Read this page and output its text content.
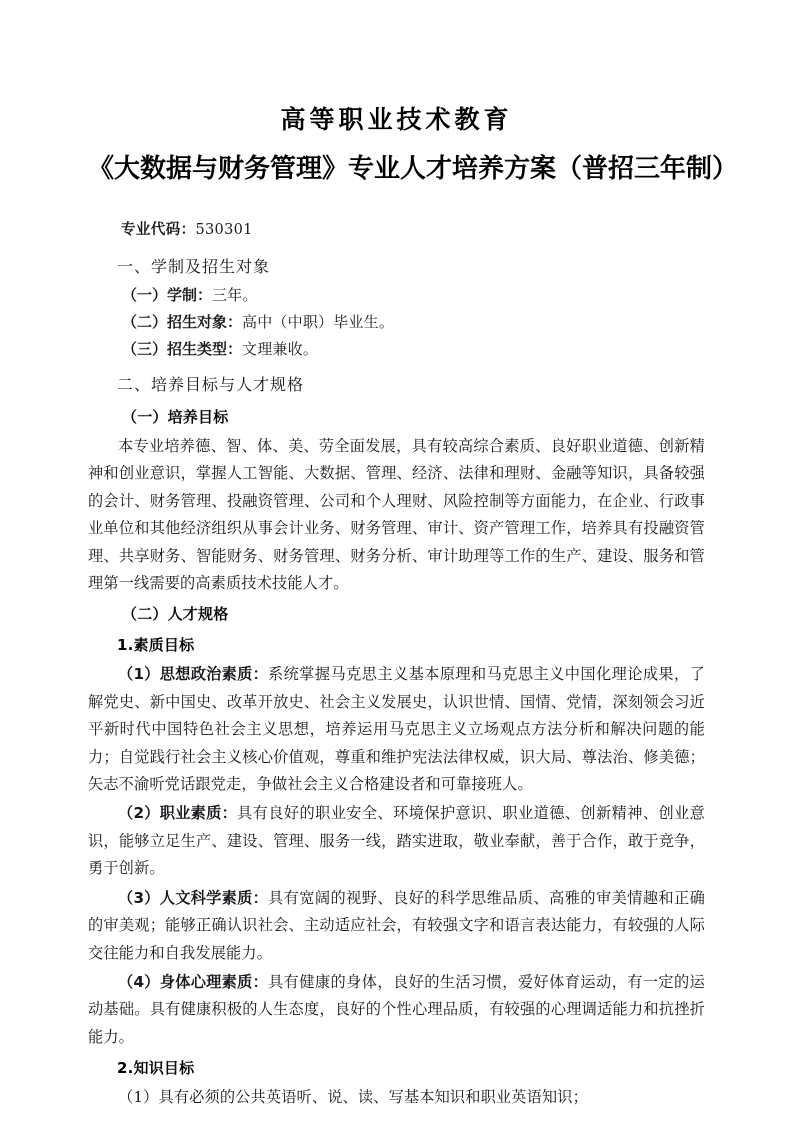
高等职业技术教育
《大数据与财务管理》专业人才培养方案（普招三年制）

专业代码：530301

一、学制及招生对象

（一）学制：三年。

（二）招生对象：高中（中职）毕业生。

（三）招生类型：文理兼收。

二、培养目标与人才规格
（一）培养目标

本专业培养德、智、体、美、劳全面发展，具有较高综合素质、良好职业道德、创新精神和创业意识，掌握人工智能、大数据、管理、经济、法律和理财、金融等知识，具备较强的会计、财务管理、投融资管理、公司和个人理财、风险控制等方面能力，在企业、行政事业单位和其他经济组织从事会计业务、财务管理、审计、资产管理工作，培养具有投融资管理、共享财务、智能财务、财务管理、财务分析、审计助理等工作的生产、建设、服务和管理第一线需要的高素质技术技能人才。

（二）人才规格
1.素质目标

（1）思想政治素质：系统掌握马克思主义基本原理和马克思主义中国化理论成果，了解党史、新中国史、改革开放史、社会主义发展史，认识世情、国情、党情，深刻领会习近平新时代中国特色社会主义思想，培养运用马克思主义立场观点方法分析和解决问题的能力；自觉践行社会主义核心价值观，尊重和维护宪法法律权威，识大局、尊法治、修美德；矢志不渝听党话跟党走，争做社会主义合格建设者和可靠接班人。

（2）职业素质：具有良好的职业安全、环境保护意识、职业道德、创新精神、创业意识，能够立足生产、建设、管理、服务一线，踏实进取，敬业奉献，善于合作，敢于竞争，勇于创新。

（3）人文科学素质：具有宽阔的视野、良好的科学思维品质、高雅的审美情趣和正确的审美观；能够正确认识社会、主动适应社会，有较强文字和语言表达能力，有较强的人际交往能力和自我发展能力。

（4）身体心理素质：具有健康的身体，良好的生活习惯，爱好体育运动，有一定的运动基础。具有健康积极的人生态度，良好的个性心理品质，有较强的心理调适能力和抗挫折能力。

2.知识目标

（1）具有必须的公共英语听、说、读、写基本知识和职业英语知识；
